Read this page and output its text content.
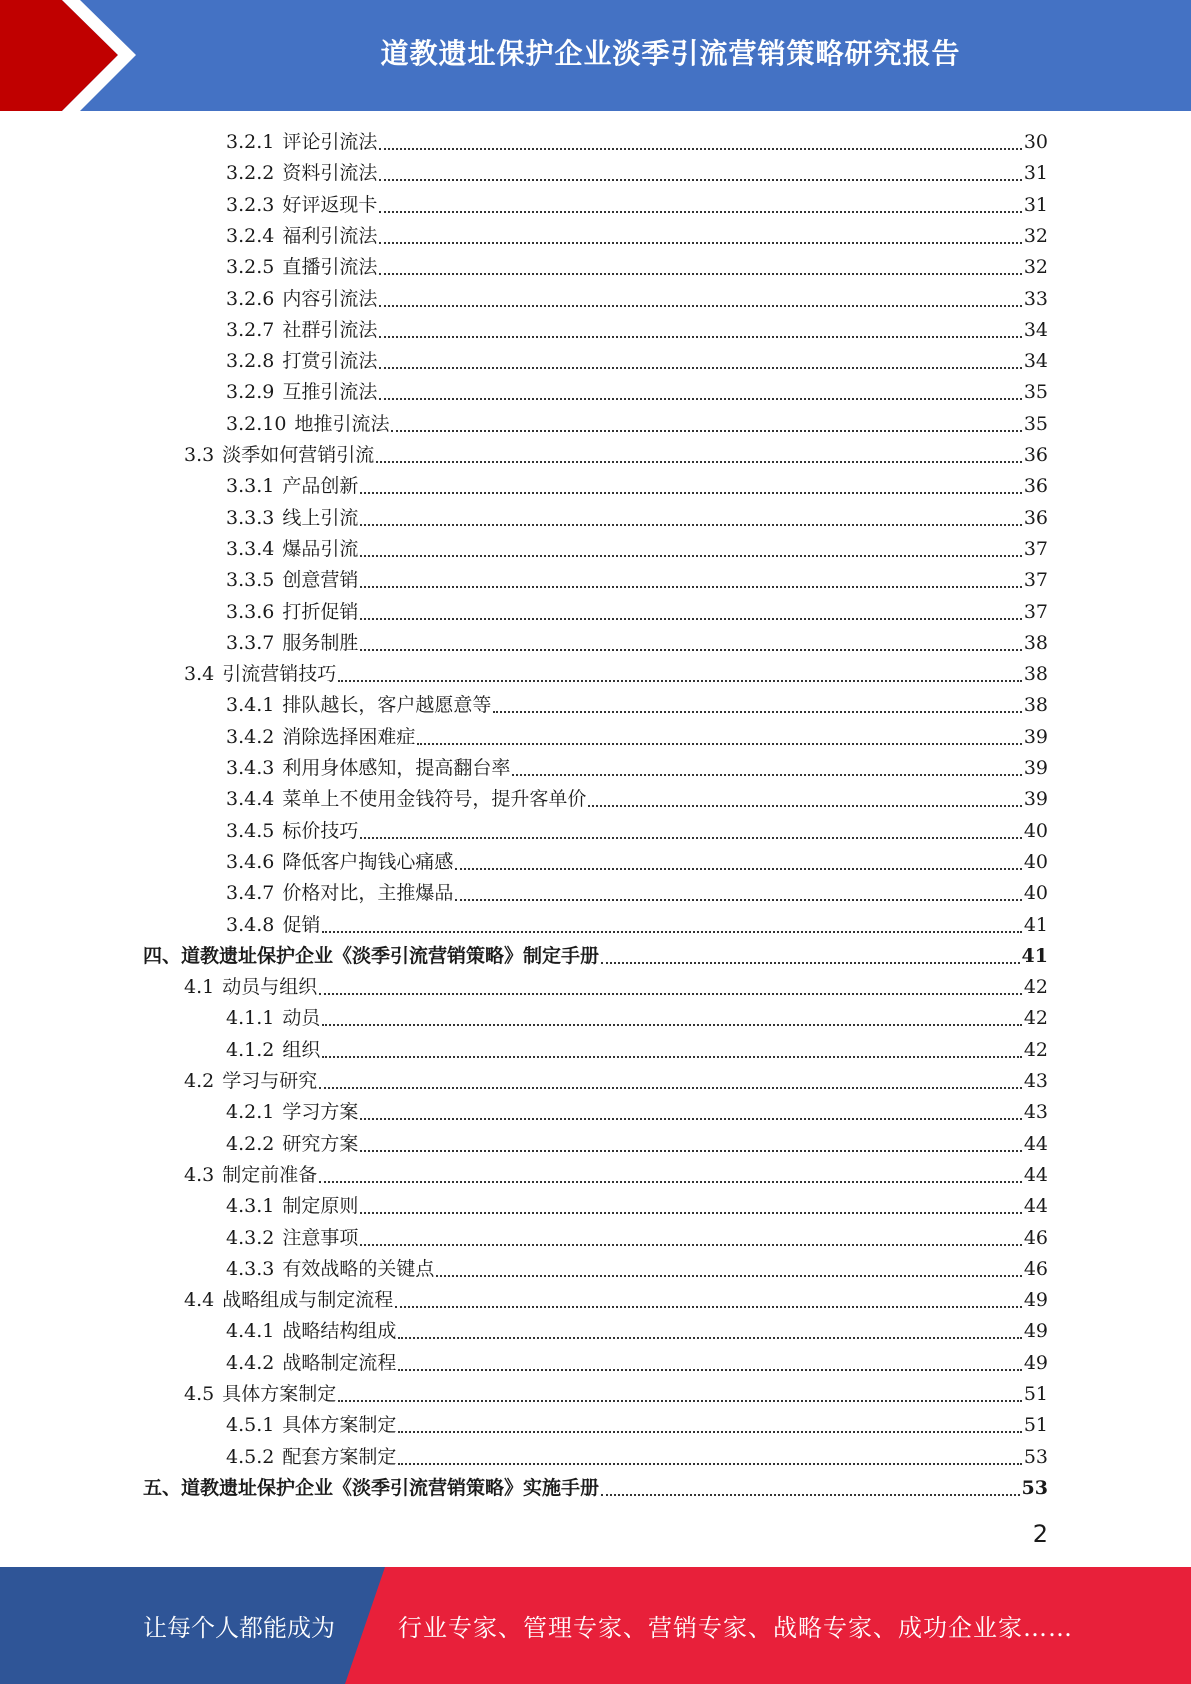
道教遗址保护企业淡季引流营销策略研究报告
3.2.1 评论引流法	30
3.2.2 资料引流法	31
3.2.3 好评返现卡	31
3.2.4 福利引流法	32
3.2.5 直播引流法	32
3.2.6 内容引流法	33
3.2.7 社群引流法	34
3.2.8 打赏引流法	34
3.2.9 互推引流法	35
3.2.10 地推引流法	35
3.3 淡季如何营销引流	36
3.3.1 产品创新	36
3.3.3 线上引流	36
3.3.4 爆品引流	37
3.3.5 创意营销	37
3.3.6 打折促销	37
3.3.7 服务制胜	38
3.4 引流营销技巧	38
3.4.1 排队越长，客户越愿意等	38
3.4.2 消除选择困难症	39
3.4.3 利用身体感知，提高翻台率	39
3.4.4 菜单上不使用金钱符号，提升客单价	39
3.4.5 标价技巧	40
3.4.6 降低客户掏钱心痛感	40
3.4.7 价格对比，主推爆品	40
3.4.8 促销	41
四、道教遗址保护企业《淡季引流营销策略》制定手册	41
4.1 动员与组织	42
4.1.1 动员	42
4.1.2 组织	42
4.2 学习与研究	43
4.2.1 学习方案	43
4.2.2 研究方案	44
4.3 制定前准备	44
4.3.1 制定原则	44
4.3.2 注意事项	46
4.3.3 有效战略的关键点	46
4.4 战略组成与制定流程	49
4.4.1 战略结构组成	49
4.4.2 战略制定流程	49
4.5 具体方案制定	51
4.5.1 具体方案制定	51
4.5.2 配套方案制定	53
五、道教遗址保护企业《淡季引流营销策略》实施手册	53
2
让每个人都能成为	行业专家、管理专家、营销专家、战略专家、成功企业家……
